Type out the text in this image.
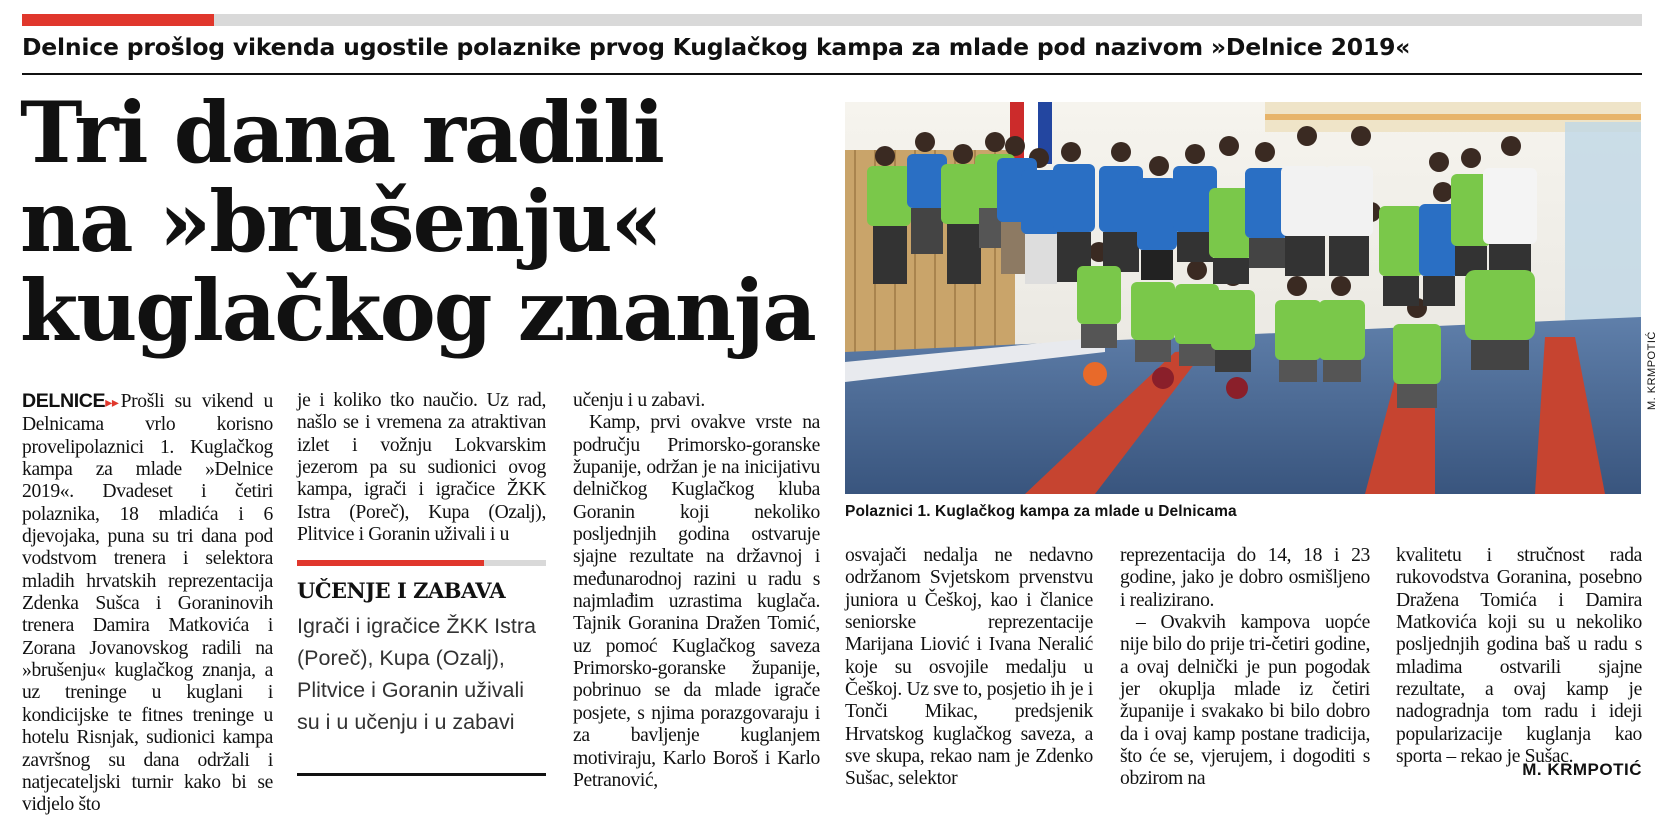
Delnice prošlog vikenda ugostile polaznike prvog Kuglačkog kampa za mlade pod nazivom »Delnice 2019«
Tri dana radili
na »brušenju«
kuglačkog znanja

DELNICE▸▸ Prošli su vikend u Delnicama vrlo korisno provelipolaznici 1. Kuglačkog kampa za mlade »Delnice 2019«. Dvadeset i četiri polaznika, 18 mladića i 6 djevojaka, puna su tri dana pod vodstvom trenera i selektora mladih hrvatskih reprezentacija Zdenka Sušca i Goraninovih trenera Damira Matkovića i Zorana Jovanovskog radili na »brušenju« kuglačkog znanja, a uz treninge u kuglani i kondicijske te fitnes treninge u hotelu Risnjak, sudionici kampa završnog su dana održali i natjecateljski turnir kako bi se vidjelo što

je i koliko tko naučio. Uz rad, našlo se i vremena za atraktivan izlet i vožnju Lokvarskim jezerom pa su sudionici ovog kampa, igrači i igračice ŽKK Istra (Poreč), Kupa (Ozalj), Plitvice i Goranin uživali i u

UČENJE I ZABAVA
Igrači i igračice ŽKK Istra (Poreč), Kupa (Ozalj), Plitvice i Goranin uživali su i u učenju i u zabavi

učenju i u zabavi.

Kamp, prvi ovakve vrste na području Primorsko-goranske županije, održan je na inicijativu delničkog Kuglačkog kluba Goranin koji nekoliko posljednjih godina ostvaruje sjajne rezultate na državnoj i međunarodnoj razini u radu s najmlađim uzrastima kuglača. Tajnik Goranina Dražen Tomić, uz pomoć Kuglačkog saveza Primorsko-goranske županije, pobrinuo se da mlade igrače posjete, s njima porazgovaraju i za bavljenje kuglanjem motiviraju, Karlo Boroš i Karlo Petranović,

M. KRMPOTIĆ
Polaznici 1. Kuglačkog kampa za mlade u Delnicama

osvajači nedalja ne nedavno održanom Svjetskom prvenstvu juniora u Češkoj, kao i članice seniorske reprezentacije Marijana Liović i Ivana Neralić koje su osvojile medalju u Češkoj. Uz sve to, posjetio ih je i Tonči Mikac, predsjenik Hrvatskog kuglačkog saveza, a sve skupa, rekao nam je Zdenko Sušac, selektor

reprezentacija do 14, 18 i 23 godine, jako je dobro osmišljeno i realizirano.

– Ovakvih kampova uopće nije bilo do prije tri-četiri godine, a ovaj delnički je pun pogodak jer okuplja mlade iz četiri županije i svakako bi bilo dobro da i ovaj kamp postane tradicija, što će se, vjerujem, i dogoditi s obzirom na

kvalitetu i stručnost rada rukovodstva Goranina, posebno Dražena Tomića i Damira Matkovića koji su u nekoliko posljednjih godina baš u radu s mladima ostvarili sjajne rezultate, a ovaj kamp je nadogradnja tom radu i ideji popularizacije kuglanja kao sporta – rekao je Sušac.

M. KRMPOTIĆ
